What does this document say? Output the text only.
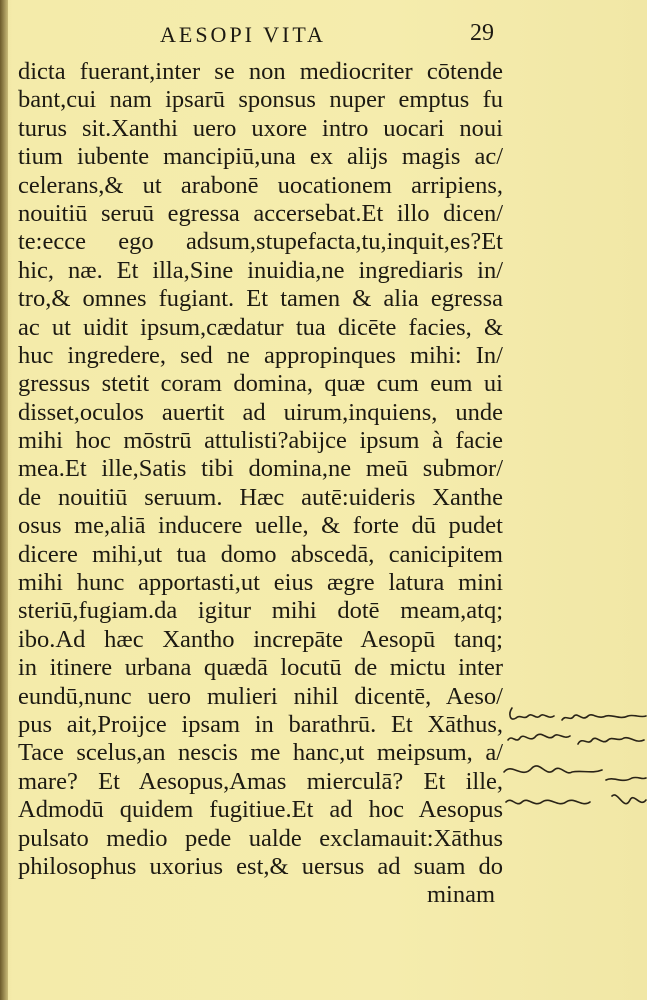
AESOPI VITA	29
dicta fuerant,inter se non mediocriter cōtende
bant,cui nam ipsarū sponsus nuper emptus fu
turus sit.Xanthi uero uxore intro uocari noui
tium iubente mancipiū,una ex alijs magis ac/
celerans,& ut arabonē uocationem arripiens,
nouitiū seruū egressa accersebat.Et illo dicen/
te:ecce ego adsum,stupefacta,tu,inquit,es?Et
hic, næ. Et illa,Sine inuidia,ne ingrediaris in/
tro,& omnes fugiant. Et tamen & alia egressa
ac ut uidit ipsum,cædatur tua dicēte facies, &
huc ingredere, sed ne appropinques mihi: In/
gressus stetit coram domina, quæ cum eum ui
disset,oculos auertit ad uirum,inquiens, unde
mihi hoc mōstrū attulisti?abijce ipsum à facie
mea.Et ille,Satis tibi domina,ne meū submor/
de nouitiū seruum. Hæc autē:uideris Xanthe
osus me,aliā inducere uelle, & forte dū pudet
dicere mihi,ut tua domo abscedā, canicipitem
mihi hunc apportasti,ut eius ægre latura mini
steriū,fugiam.da igitur mihi dotē meam,atq;
ibo.Ad hæc Xantho increpāte Aesopū tanq;
in itinere urbana quædā locutū de mictu inter
eundū,nunc uero mulieri nihil dicentē, Aeso/
pus ait,Proijce ipsam in barathrū. Et Xāthus,
Tace scelus,an nescis me hanc,ut meipsum, a/
mare? Et Aesopus,Amas mierculā? Et ille,
Admodū quidem fugitiue.Et ad hoc Aesopus
pulsato medio pede ualde exclamauit:Xāthus
philosophus uxorius est,& uersus ad suam do
minam
